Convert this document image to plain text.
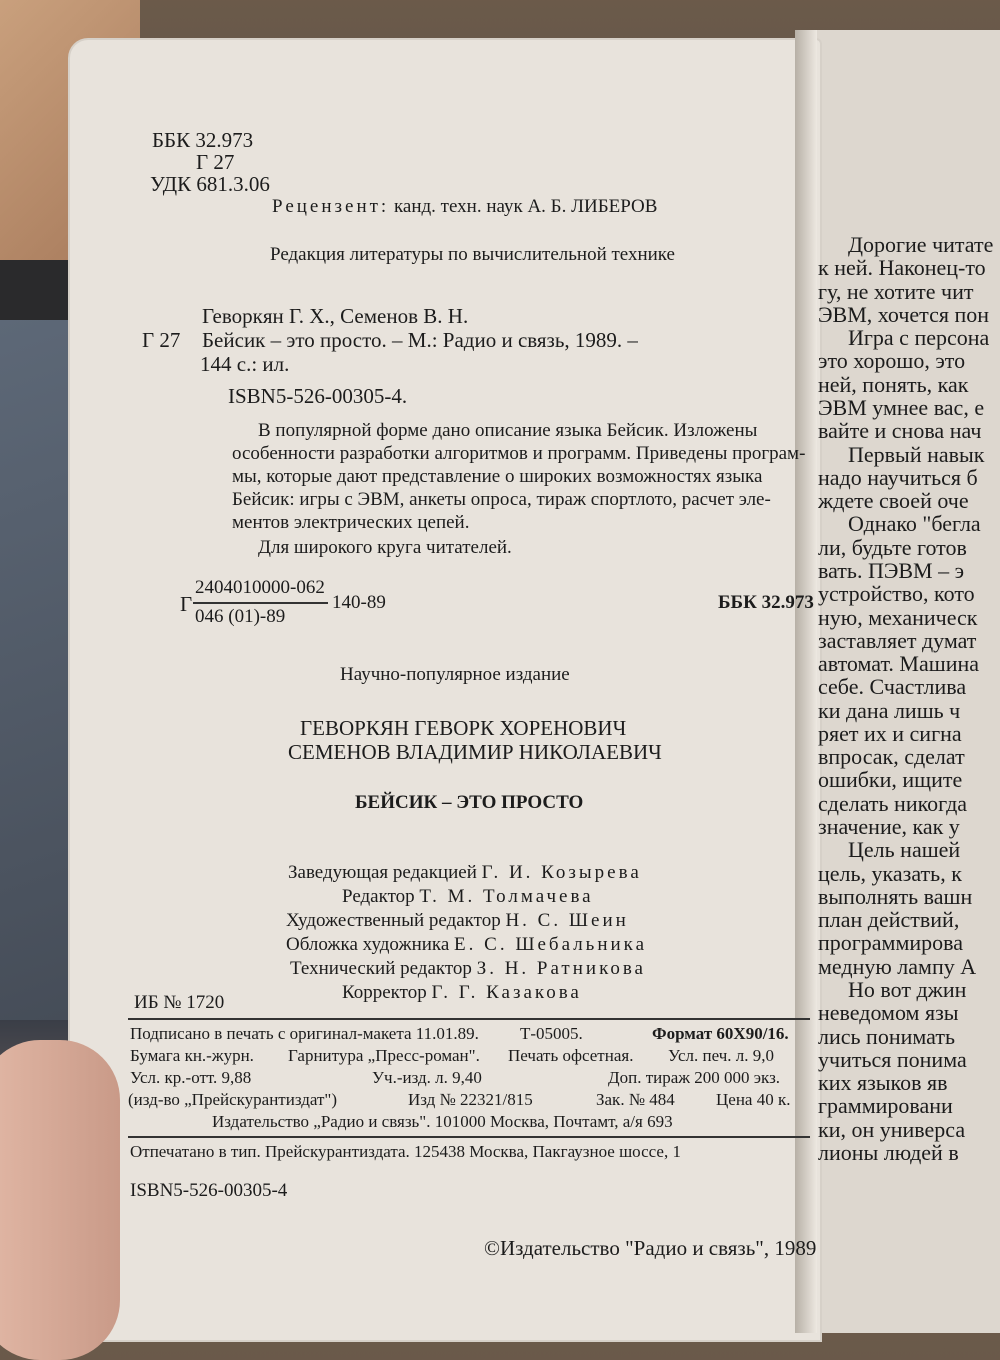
ББК 32.973
Г 27
УДК 681.3.06
Рецензент: канд. техн. наук А. Б. ЛИБЕРОВ
Редакция литературы по вычислительной технике
Геворкян Г. Х., Семенов В. Н.
Г 27 Бейсик – это просто. – М.: Радио и связь, 1989. –
144 с.: ил.
ISBN5-526-00305-4.
В популярной форме дано описание языка Бейсик. Изложены
особенности разработки алгоритмов и программ. Приведены програм-
мы, которые дают представление о широких возможностях языка
Бейсик: игры с ЭВМ, анкеты опроса, тираж спортлото, расчет эле-
ментов электрических цепей.
Для широкого круга читателей.
Г
2404010000-062
046 (01)-89
140-89	ББК 32.973
Научно-популярное издание
ГЕВОРКЯН ГЕВОРК ХОРЕНОВИЧ
СЕМЕНОВ ВЛАДИМИР НИКОЛАЕВИЧ
БЕЙСИК – ЭТО ПРОСТО
Заведующая редакцией Г. И. Козырева
Редактор Т. М. Толмачева
Художественный редактор Н. С. Шеин
Обложка художника Е. С. Шебальника
Технический редактор З. Н. Ратникова
Корректор Г. Г. Казакова
ИБ № 1720
Подписано в печать с оригинал-макета 11.01.89. Т-05005.	Формат 60Х90/16.
Бумага кн.-журн. Гарнитура „Пресс-роман". Печать офсетная. Усл. печ. л. 9,0
Усл. кр.-отт. 9,88	Уч.-изд. л. 9,40	Доп. тираж 200 000 экз.
(изд-во „Прейскурантиздат")	Изд № 22321/815	Зак. № 484 Цена 40 к.
Издательство „Радио и связь". 101000 Москва, Почтамт, а/я 693
Отпечатано в тип. Прейскурантиздата. 125438 Москва, Пакгаузное шоссе, 1
ISBN5-526-00305-4
©Издательство "Радио и связь", 1989
Дорогие читате
к ней. Наконец-то
гу, не хотите чит
ЭВМ, хочется пон
Игра с персона
это хорошо, это
ней, понять, как
ЭВМ умнее вас, е
вайте и снова нач
Первый навык
надо научиться б
ждете своей оче
Однако "бегла
ли, будьте готов
вать. ПЭВМ – э
устройство, кото
ную, механическ
заставляет думат
автомат. Машина
себе. Счастлива
ки дана лишь ч
ряет их и сигна
впросак, сделат
ошибки, ищите
сделать никогда
значение, как у
Цель нашей
цель, указать, к
выполнять вашн
план действий,
программирова
медную лампу А
Но вот джин
неведомом язы
лись понимать
учиться понима
ких языков яв
граммировани
ки, он универса
лионы людей в
